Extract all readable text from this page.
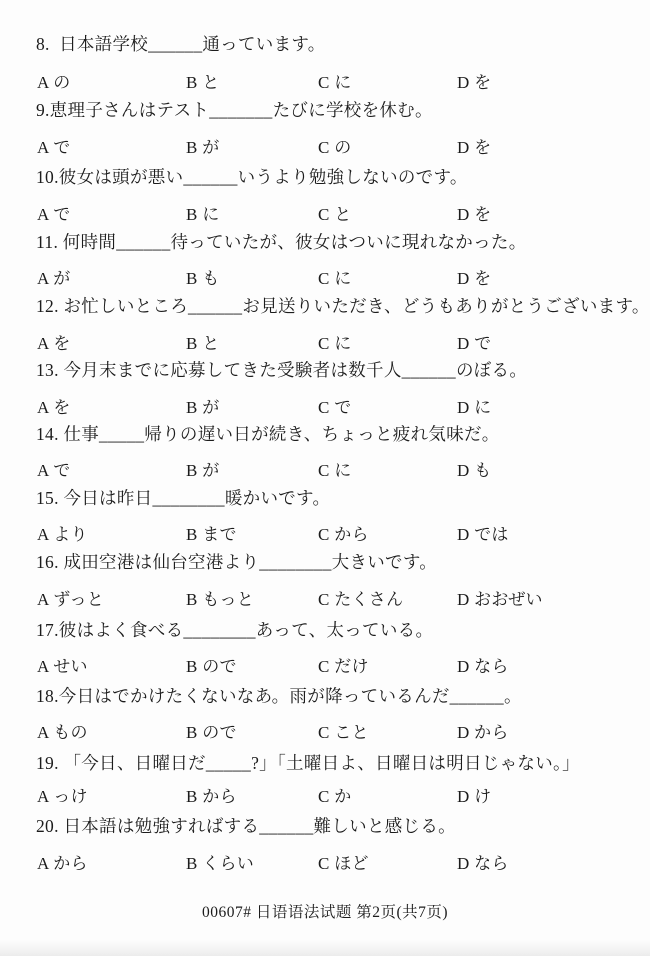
8.  日本語学校______通っています。
A の	B と	C に	D を
9.恵理子さんはテスト_______たびに学校を休む。
A で	B が	C の	D を
10.彼女は頭が悪い______いうより勉強しないのです。
A で	B に	C と	D を
11. 何時間______待っていたが、彼女はついに現れなかった。
A が	B も	C に	D を
12. お忙しいところ______お見送りいただき、どうもありがとうございます。
A を	B と	C に	D で
13. 今月末までに応募してきた受験者は数千人______のぼる。
A を	B が	C で	D に
14. 仕事_____帰りの遅い日が続き、ちょっと疲れ気味だ。
A で	B が	C に	D も
15. 今日は昨日________暖かいです。
A より	B まで	C から	D では
16. 成田空港は仙台空港より________大きいです。
A ずっと	B もっと	C たくさん	D おおぜい
17.彼はよく食べる________あって、太っている。
A せい	B ので	C だけ	D なら
18.今日はでかけたくないなあ。雨が降っているんだ______。
A もの	B ので	C こと	D から
19. 「今日、日曜日だ_____?」「土曜日よ、日曜日は明日じゃない。」
A っけ	B から	C か	D け
20. 日本語は勉強すればする______難しいと感じる。
A から	B くらい	C ほど	D なら
00607# 日语语法试题 第2页(共7页)
